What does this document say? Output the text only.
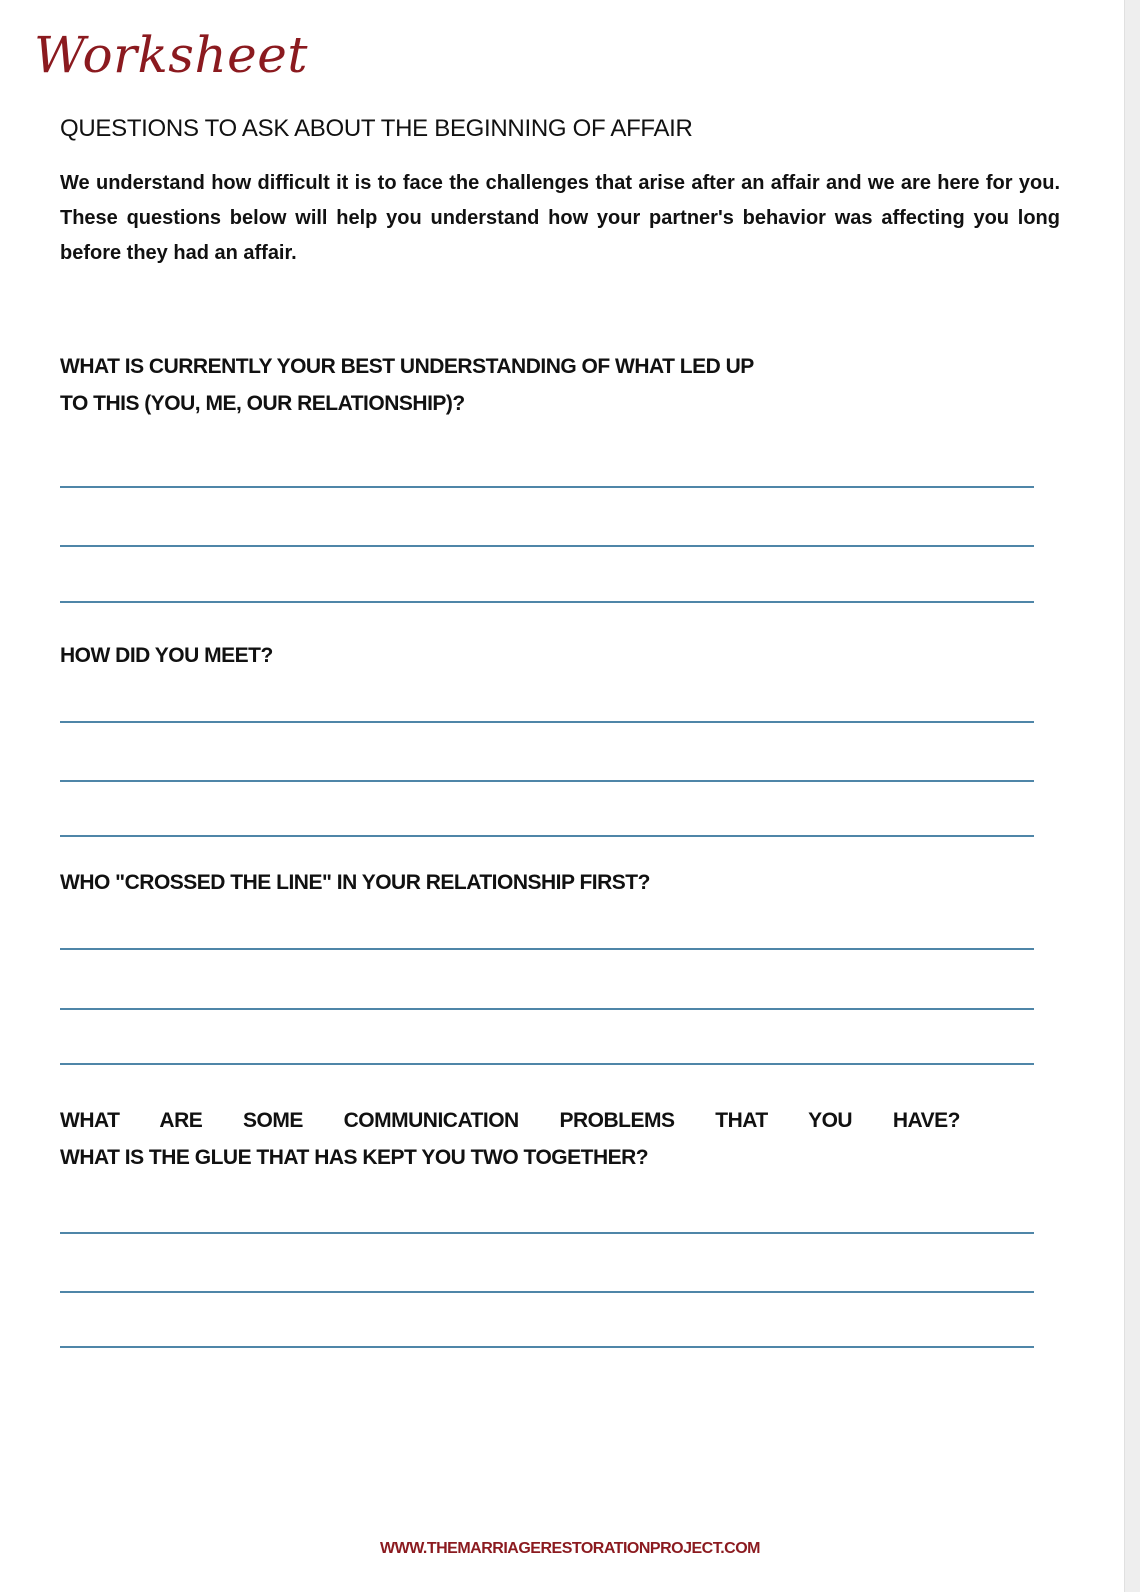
Worksheet
QUESTIONS TO ASK ABOUT THE BEGINNING OF AFFAIR

We understand how difficult it is to face the challenges that arise after an affair and we are here for you. These questions below will help you understand how your partner's behavior was affecting you long before they had an affair.

WHAT IS CURRENTLY YOUR BEST UNDERSTANDING OF WHAT LED UP
TO THIS (YOU, ME, OUR RELATIONSHIP)?
HOW DID YOU MEET?
WHO "CROSSED THE LINE" IN YOUR RELATIONSHIP FIRST?
WHAT ARE SOME COMMUNICATION PROBLEMS THAT YOU HAVE?
WHAT IS THE GLUE THAT HAS KEPT YOU TWO TOGETHER?

WWW.THEMARRIAGERESTORATIONPROJECT.COM
